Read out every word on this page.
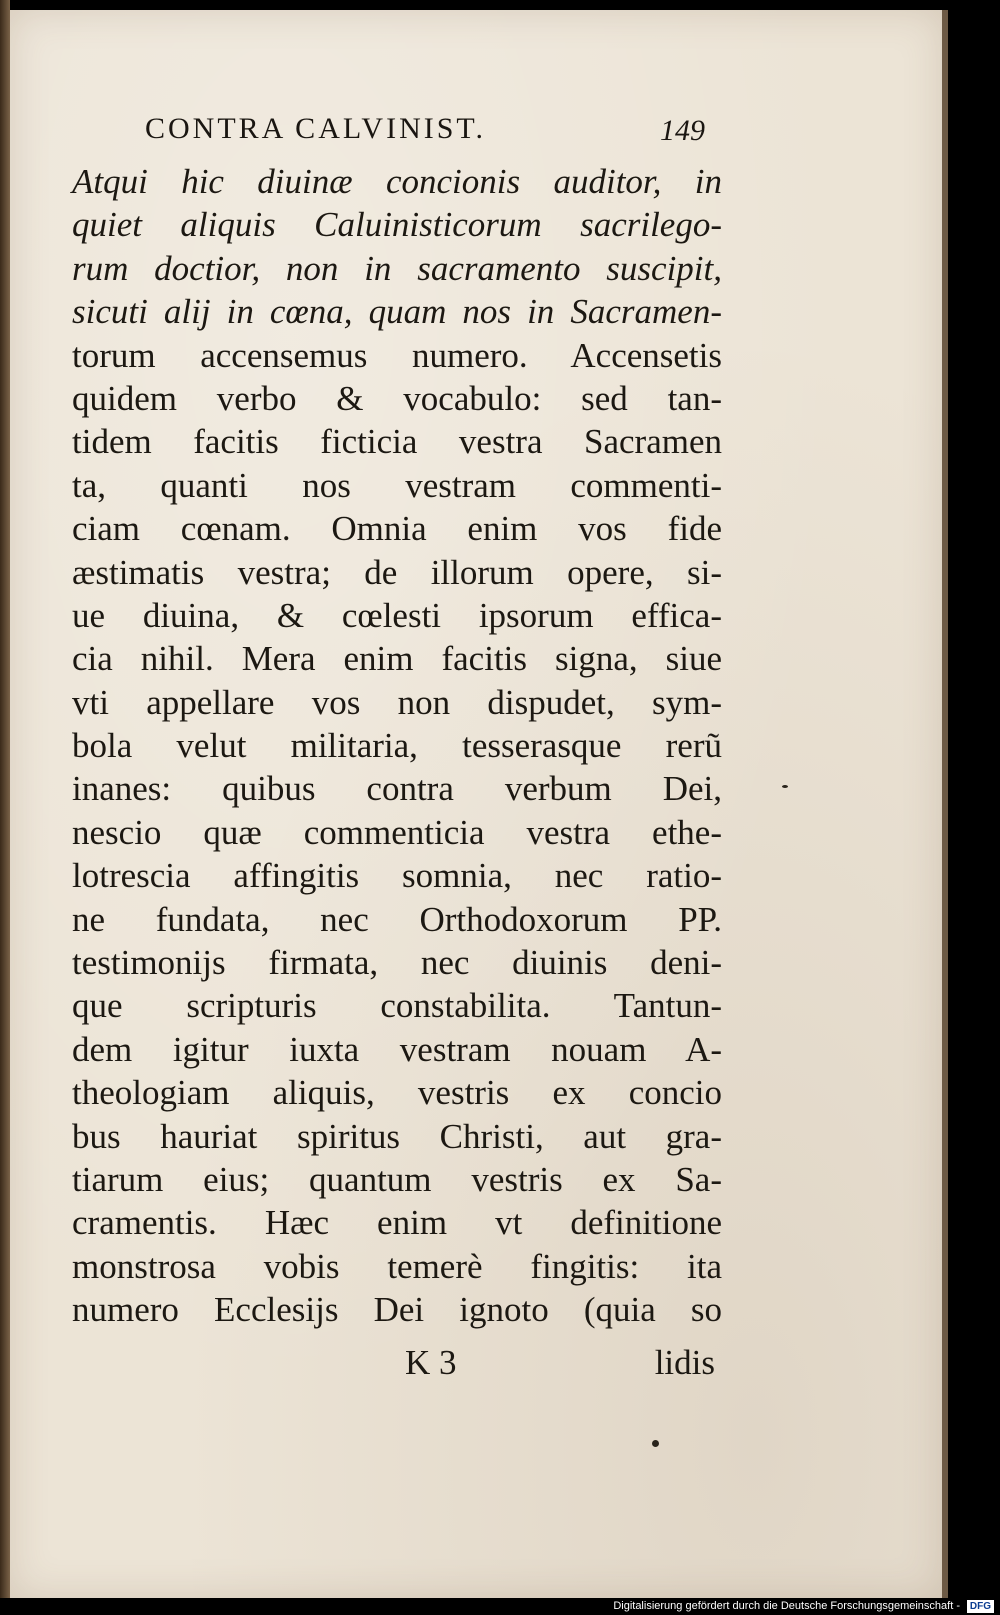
CONTRA CALVINIST.	149
Atqui hic diuinæ concionis auditor, in
quiet aliquis Caluinisticorum sacrilego-
rum doctior, non in sacramento suscipit,
sicuti alij in cœna, quam nos in Sacramen-
torum accensemus numero. Accensetis
quidem verbo & vocabulo: sed tan-
tidem facitis ficticia vestra Sacramen
ta, quanti nos vestram commenti-
ciam cœnam. Omnia enim vos fide
æstimatis vestra; de illorum opere, si-
ue diuina, & cœlesti ipsorum effica-
cia nihil. Mera enim facitis signa, siue
vti appellare vos non dispudet, sym-
bola velut militaria, tesserasque rerũ
inanes: quibus contra verbum Dei,
nescio quæ commenticia vestra ethe-
lotrescia affingitis somnia, nec ratio-
ne fundata, nec Orthodoxorum PP.
testimonijs firmata, nec diuinis deni-
que scripturis constabilita. Tantun-
dem igitur iuxta vestram nouam A-
theologiam aliquis, vestris ex concio
bus hauriat spiritus Christi, aut gra-
tiarum eius; quantum vestris ex Sa-
cramentis. Hæc enim vt definitione
monstrosa vobis temerè fingitis: ita
numero Ecclesijs Dei ignoto (quia so
K 3	lidis
Digitalisierung gefördert durch die Deutsche Forschungsgemeinschaft - DFG
